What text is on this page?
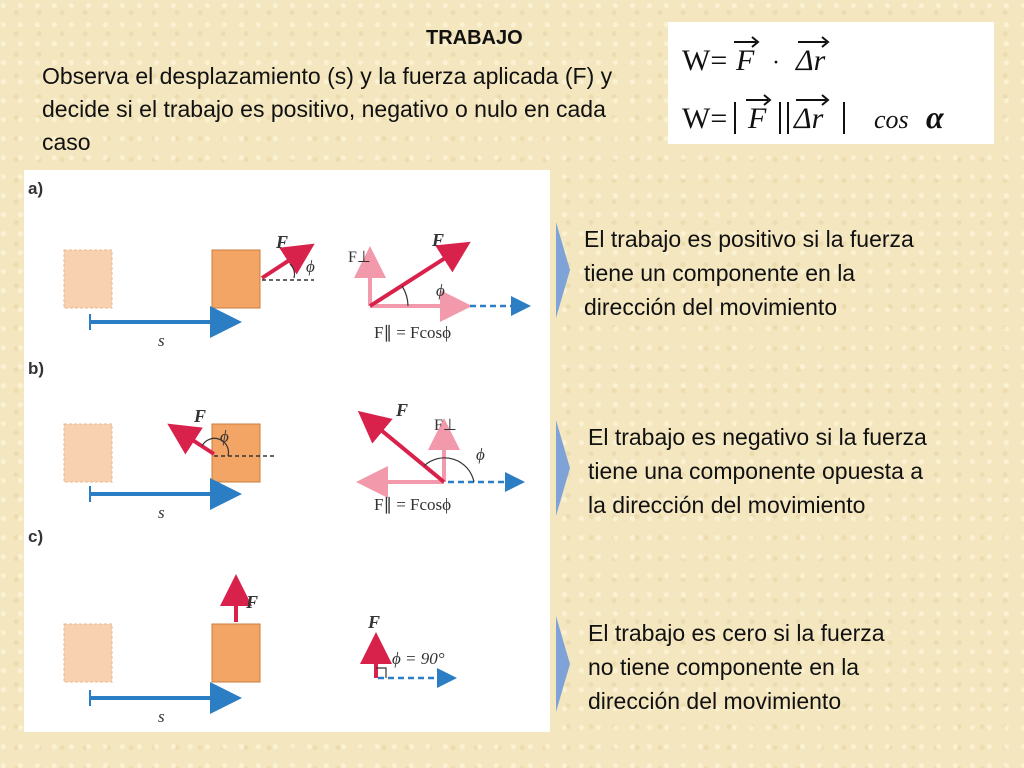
TRABAJO
Observa el desplazamiento (s) y la fuerza aplicada (F) y decide si el trabajo es positivo, negativo o nulo en cada caso
W= F · Δr
W= F Δr cos α
a)
s
F
ϕ F⊥
F
ϕ
F∥ = Fcosϕ
b)
s
F
ϕ
F
F⊥
ϕ
F∥ = Fcosϕ
c)
s
F
F
ϕ = 90°
El trabajo es positivo si la fuerza
tiene un componente en la
dirección del movimiento
El trabajo es negativo si la fuerza
tiene una componente opuesta a
la dirección del movimiento
El trabajo es cero si la fuerza
no tiene componente en la
dirección del movimiento
